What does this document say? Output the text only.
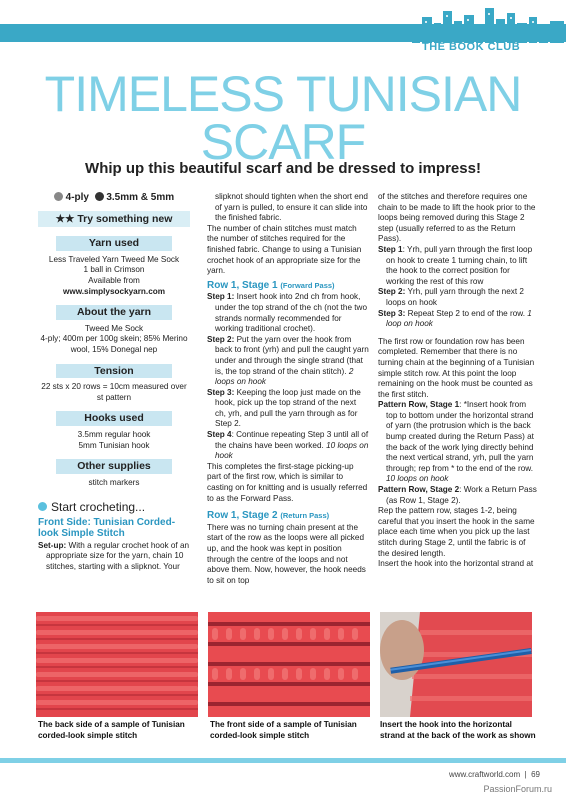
THE BOOK CLUB
TIMELESS TUNISIAN
SCARF
Whip up this beautiful scarf and be dressed to impress!
4-ply 3.5mm & 5mm
★★ Try something new
Yarn used
Less Traveled Yarn Tweed Me Sock
1 ball in Crimson
Available from www.simplysockyarn.com
About the yarn
Tweed Me Sock
4-ply; 400m per 100g skein; 85% Merino wool, 15% Donegal nep
Tension
22 sts x 20 rows = 10cm measured over st pattern
Hooks used
3.5mm regular hook
5mm Tunisian hook
Other supplies
stitch markers
Start crocheting...
Front Side: Tunisian Corded-look Simple Stitch

Set-up: With a regular crochet hook of an appropriate size for the yarn, chain 10 stitches, starting with a slipknot. Your

slipknot should tighten when the short end of yarn is pulled, to ensure it can slide into the finished fabric.

The number of chain stitches must match the number of stitches required for the finished fabric. Change to using a Tunisian crochet hook of an appropriate size for the yarn.

Row 1, Stage 1 (Forward Pass)

Step 1: Insert hook into 2nd ch from hook, under the top strand of the ch (not the two strands normally recommended for working traditional crochet).

Step 2: Put the yarn over the hook from back to front (yrh) and pull the caught yarn under and through the single strand (that is, the top strand of the chain stitch). 2 loops on hook

Step 3: Keeping the loop just made on the hook, pick up the top strand of the next ch, yrh, and pull the yarn through as for Step 2.

Step 4: Continue repeating Step 3 until all of the chains have been worked. 10 loops on hook

This completes the first-stage picking-up part of the first row, which is similar to casting on for knitting and is usually referred to as the Forward Pass.

Row 1, Stage 2 (Return Pass)

There was no turning chain present at the start of the row as the loops were all picked up, and the hook was kept in position through the centre of the loops and not above them. Now, however, the hook needs to sit on top

of the stitches and therefore requires one chain to be made to lift the hook prior to the loops being removed during this Stage 2 step (usually referred to as the Return Pass).

Step 1: Yrh, pull yarn through the first loop on hook to create 1 turning chain, to lift the hook to the correct position for working the rest of this row

Step 2: Yrh, pull yarn through the next 2 loops on hook

Step 3: Repeat Step 2 to end of the row. 1 loop on hook

The first row or foundation row has been completed. Remember that there is no turning chain at the beginning of a Tunisian simple stitch row. At this point the loop remaining on the hook must be counted as the first stitch.

Pattern Row, Stage 1: *Insert hook from top to bottom under the horizontal strand of yarn (the protrusion which is the back bump created during the Return Pass) at the back of the work lying directly behind the next vertical strand, yrh, pull the yarn through; rep from * to the end of the row. 10 loops on hook

Pattern Row, Stage 2: Work a Return Pass (as Row 1, Stage 2).

Rep the pattern row, stages 1-2, being careful that you insert the hook in the same place each time when you pick up the last stitch during Stage 2, until the fabric is of the desired length.

Insert the hook into the horizontal strand at

The back side of a sample of Tunisian corded-look simple stitch
The front side of a sample of Tunisian corded-look simple stitch
Insert the hook into the horizontal strand at the back of the work as shown
www.craftworld.com  |  69
PassionForum.ru
